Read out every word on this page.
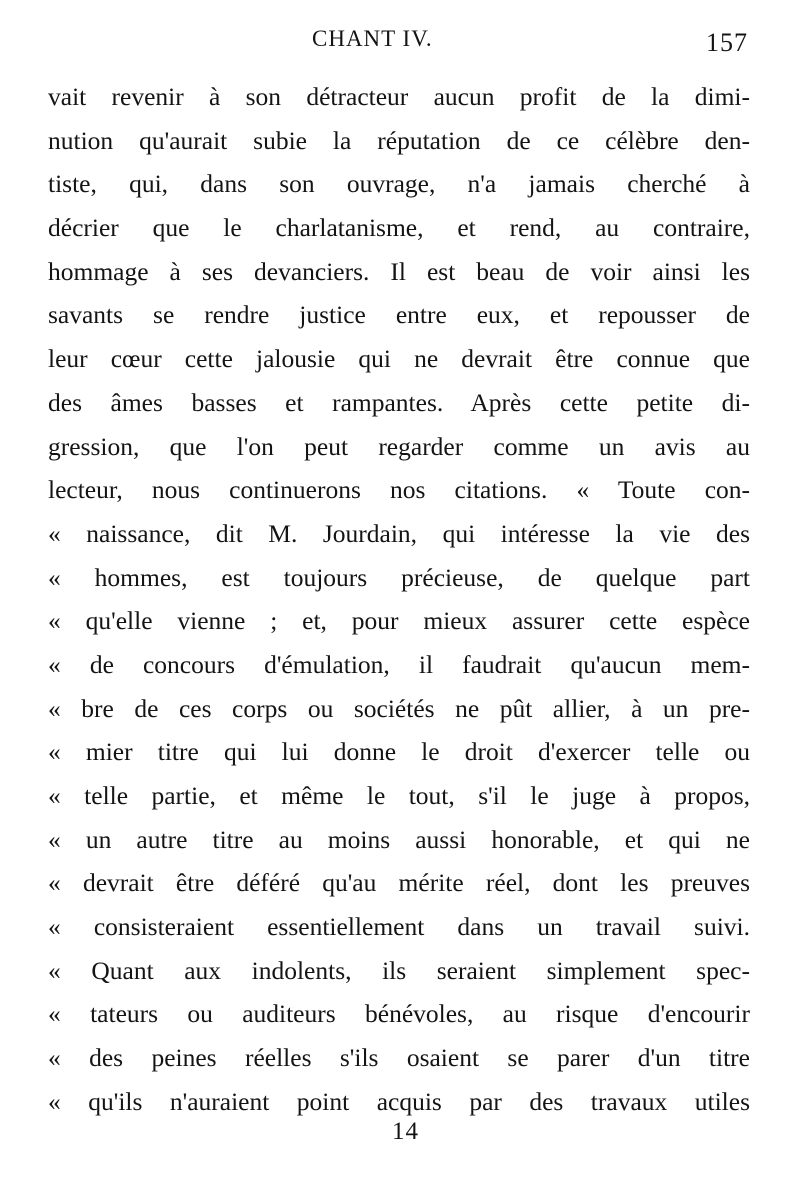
CHANT IV.	157
vait revenir à son détracteur aucun profit de la dimi-
nution qu'aurait subie la réputation de ce célèbre den-
tiste, qui, dans son ouvrage, n'a jamais cherché à
décrier que le charlatanisme, et rend, au contraire,
hommage à ses devanciers. Il est beau de voir ainsi les
savants se rendre justice entre eux, et repousser de
leur cœur cette jalousie qui ne devrait être connue que
des âmes basses et rampantes. Après cette petite di-
gression, que l'on peut regarder comme un avis au
lecteur, nous continuerons nos citations. « Toute con-
« naissance, dit M. Jourdain, qui intéresse la vie des
« hommes, est toujours précieuse, de quelque part
« qu'elle vienne ; et, pour mieux assurer cette espèce
« de concours d'émulation, il faudrait qu'aucun mem-
« bre de ces corps ou sociétés ne pût allier, à un pre-
« mier titre qui lui donne le droit d'exercer telle ou
« telle partie, et même le tout, s'il le juge à propos,
« un autre titre au moins aussi honorable, et qui ne
« devrait être déféré qu'au mérite réel, dont les preuves
« consisteraient essentiellement dans un travail suivi.
« Quant aux indolents, ils seraient simplement spec-
« tateurs ou auditeurs bénévoles, au risque d'encourir
« des peines réelles s'ils osaient se parer d'un titre
« qu'ils n'auraient point acquis par des travaux utiles
14
